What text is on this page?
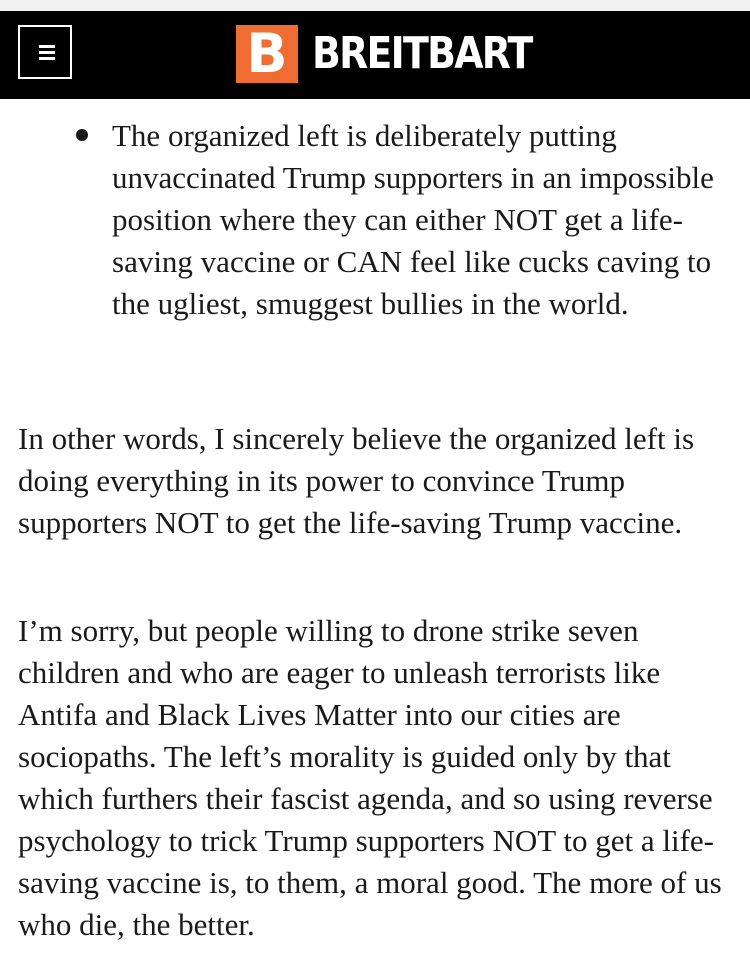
B BREITBART
The organized left is deliberately putting unvaccinated Trump supporters in an impossible position where they can either NOT get a life-saving vaccine or CAN feel like cucks caving to the ugliest, smuggest bullies in the world.

In other words, I sincerely believe the organized left is doing everything in its power to convince Trump supporters NOT to get the life-saving Trump vaccine.

I’m sorry, but people willing to drone strike seven children and who are eager to unleash terrorists like Antifa and Black Lives Matter into our cities are sociopaths. The left’s morality is guided only by that which furthers their fascist agenda, and so using reverse psychology to trick Trump supporters NOT to get a life-saving vaccine is, to them, a moral good. The more of us who die, the better.
